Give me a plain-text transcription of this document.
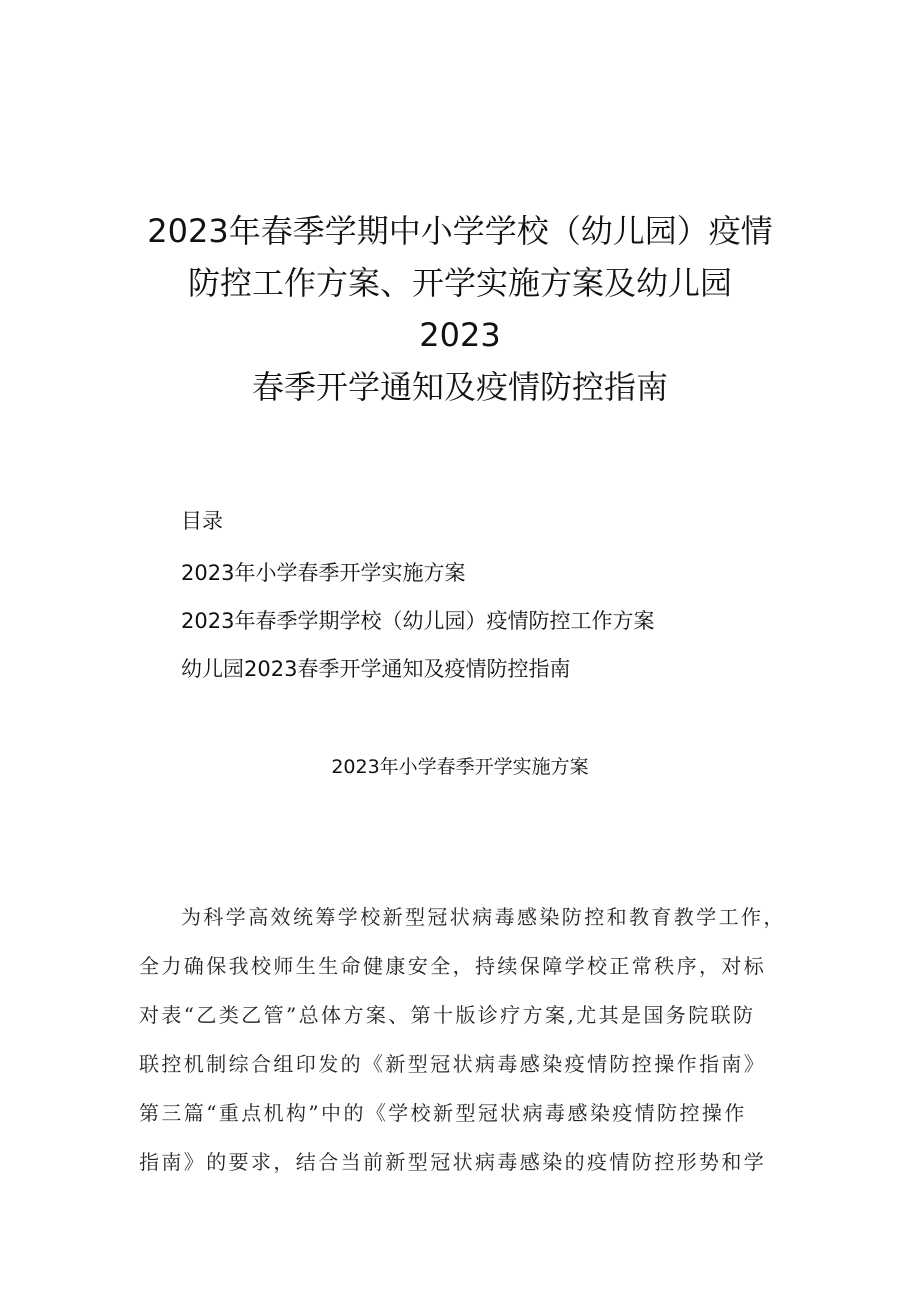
2023年春季学期中小学学校（幼儿园）疫情
防控工作方案、开学实施方案及幼儿园
2023
春季开学通知及疫情防控指南
目录
2023年小学春季开学实施方案
2023年春季学期学校（幼儿园）疫情防控工作方案
幼儿园2023春季开学通知及疫情防控指南
2023年小学春季开学实施方案
为科学高效统筹学校新型冠状病毒感染防控和教育教学工作，
全力确保我校师生生命健康安全，持续保障学校正常秩序，对标
对表“乙类乙管”总体方案、第十版诊疗方案,尤其是国务院联防
联控机制综合组印发的《新型冠状病毒感染疫情防控操作指南》
第三篇“重点机构”中的《学校新型冠状病毒感染疫情防控操作
指南》的要求，结合当前新型冠状病毒感染的疫情防控形势和学
